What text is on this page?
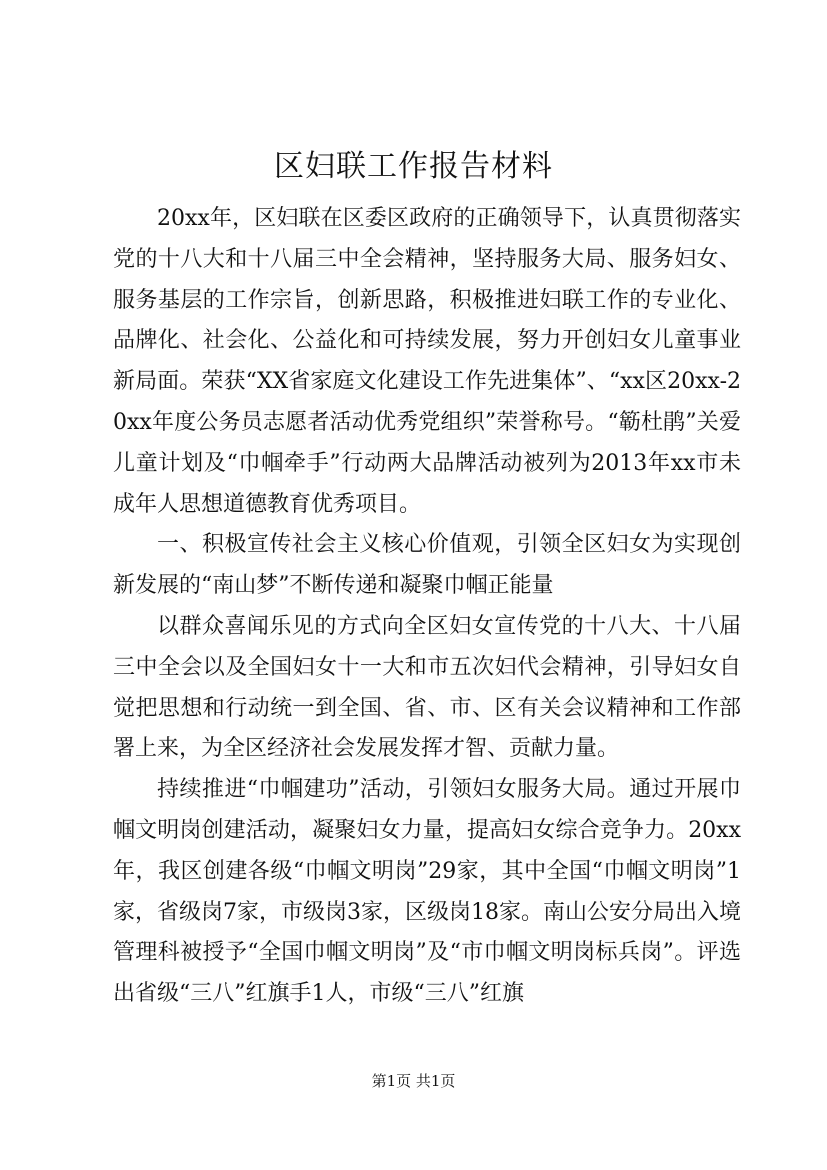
区妇联工作报告材料

20xx年，区妇联在区委区政府的正确领导下，认真贯彻落实党的十八大和十八届三中全会精神，坚持服务大局、服务妇女、服务基层的工作宗旨，创新思路，积极推进妇联工作的专业化、品牌化、社会化、公益化和可持续发展，努力开创妇女儿童事业新局面。荣获“XX省家庭文化建设工作先进集体”、“xx区20xx-20xx年度公务员志愿者活动优秀党组织”荣誉称号。“簕杜鹃”关爱儿童计划及“巾帼牵手”行动两大品牌活动被列为2013年xx市未成年人思想道德教育优秀项目。

一、积极宣传社会主义核心价值观，引领全区妇女为实现创新发展的“南山梦”不断传递和凝聚巾帼正能量

以群众喜闻乐见的方式向全区妇女宣传党的十八大、十八届三中全会以及全国妇女十一大和市五次妇代会精神，引导妇女自觉把思想和行动统一到全国、省、市、区有关会议精神和工作部署上来，为全区经济社会发展发挥才智、贡献力量。

持续推进“巾帼建功”活动，引领妇女服务大局。通过开展巾帼文明岗创建活动，凝聚妇女力量，提高妇女综合竞争力。20xx年，我区创建各级“巾帼文明岗”29家，其中全国“巾帼文明岗”1家，省级岗7家，市级岗3家，区级岗18家。南山公安分局出入境管理科被授予“全国巾帼文明岗”及“市巾帼文明岗标兵岗”。评选出省级“三八”红旗手1人，市级“三八”红旗

第1页 共1页
